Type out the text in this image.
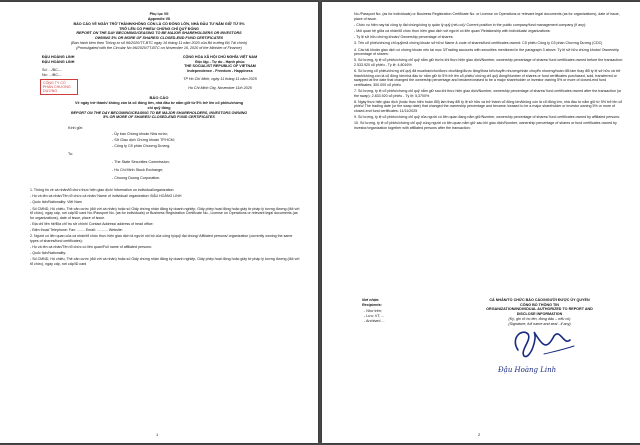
Phụ lục VII
Appendix VII
BÁO CÁO VỀ NGÀY TRỞ THÀNH/KHÔNG CÒN LÀ CỔ ĐÔNG LỚN, NHÀ ĐẦU TƯ NẮM GIỮ TỪ 5%
TRỞ LÊN CỔ PHIẾU/ CHỨNG CHỈ QUỸ ĐÓNG
REPORT ON THE DAY BECOMING/CEASING TO BE MAJOR SHAREHOLDERS OR INVESTORS
OWNING 5% OR MORE OF SHARES/ CLOSED-END FUND CERTIFICATES
(Ban hành kèm theo Thông tư số 96/2020/TT-BTC ngày 16 tháng 11 năm 2020 của Bộ trưởng Bộ Tài chính)
(Promulgated with the Circular No 96/2020/TT-BTC on November 16, 2020 of the Minister of Finance)
ĐẬU HOÀNG LINH
ĐẬU HOÀNG LINH
Số: .../BC-...
No: .../BC-...
CÔNG TY CỔ PHẦN CHƯƠNG DƯƠNG
CỘNG HÒA XÃ HỘI CHỦ NGHĨA VIỆT NAM
Độc lập - Tự do - Hạnh phúc
THE SOCIALIST REPUBLIC OF VIETNAM
Independence - Freedom - Happiness
TP Hồ Chí Minh, ngày 11 tháng 11 năm 2025
Ho Chi Minh City, November 11th 2025
BÁO CÁO
Về ngày trở thành/ không còn là cổ đông lớn, nhà đầu tư nắm giữ từ 5% trở lên cổ phiếu/chứng
chỉ quỹ đóng
REPORT ON THE DAY BECOMING/CEASING TO BE MAJOR SHAREHOLDERS, INVESTORS OWNING
5% OR MORE OF SHARES/ CLOSED-END FUND CERTIFICATES
Kính gửi:
- Ủy ban Chứng khoán Nhà nước;
- Sở Giao dịch Chứng khoán TP.HCM;
- Công ty Cổ phần Chương Dương.
To:
- The State Securities Commission;
- Ho Chi Minh Stock Exchange;
- Chuong Duong Corporation.

1. Thông tin về cá nhân/tổ chức thực hiện giao dịch/ Information on individual/organization:

- Họ và tên cá nhân/Tên tổ chức cá nhân/ Name of individual/ organization: ĐẬU HOÀNG LINH

- Quốc tịch/Nationality: Việt Nam

- Số CMND, Hộ chiếu, Thẻ căn cước (đối với cá nhân) hoặc số Giấy chứng nhận đăng ký doanh nghiệp, Giấy phép hoạt động hoặc giấy tờ pháp lý tương đương (đối với tổ chức), ngày cấp, nơi cấp/ID card No./Passport No. (as for individuals) or Business Registration Certificate No., License on Operations or relevant legal documents (as for organizations), date of issue, place of issue.

- Địa chỉ liên hệ/Địa chỉ trụ sở chính/ Contact Address/ address of head office:

- Điện thoại/ Telephone: Fax: ........ Email: ........... Website:

2. Người có liên quan của cá nhân/tổ chức thực hiện giao dịch là người nội bộ của công ty/quỹ đại chúng/ Affiliated persons/ organization (currently owning the same types of shares/fund certificates):

- Họ và tên cá nhân/Tên tổ chức có liên quan/Full name of affiliated persons:

- Quốc tịch/Nationality:

- Số CMND, Hộ chiếu, Thẻ căn cước (đối với cá nhân) hoặc số Giấy chứng nhận đăng ký doanh nghiệp, Giấy phép hoạt động hoặc giấy tờ pháp lý tương đương (đối với tổ chức), ngày cấp, nơi cấp/ID card

1

No./Passport No. (as for individuals) or Business Registration Certificate No. or License on Operations or relevant legal documents (as for organizations), date of issue, place of issue.

- Chức vụ hiện nay tại công ty đại chúng/công ty quản lý quỹ (nếu có)/ Current position in the public company/fund management company (if any):

- Mối quan hệ giữa cá nhân/tổ chức thực hiện giao dịch với người có liên quan/ Relationship with individuals/ organizations:

- Tỷ lệ sở hữu chứng khoán/ Ownership percentage of shares:

3. Tên cổ phiếu/chứng chỉ quỹ/mã chứng khoán sở hữu/ Name & code of shares/fund certificates owned: Cổ phiếu Công ty Cổ phần Chương Dương (CDC)

4. Các tài khoản giao dịch có chứng khoán nêu tại mục 3/Trading accounts with securities mentioned in the paragraph 3 above: Tỷ lệ sở hữu chứng khoán/ Ownership percentage of shares:

5. Số lượng, tỷ lệ cổ phiếu/chứng chỉ quỹ nắm giữ trước khi thực hiện giao dịch/Number, ownership percentage of shares/ fund certificates owned before the transaction: 2.533.920 cổ phiếu - Tỷ lệ: 4,8016%

6. Số lượng cổ phiếu/chứng chỉ quỹ đã mua/bán/cho/được cho/tặng/được tặng/thừa kế/chuyển nhượng/nhận chuyển nhượng/hoán đổi làm thay đổi tỷ lệ sở hữu và trở thành/không còn là cổ đông lớn/nhà đầu tư nắm giữ từ 5% trở lên cổ phiếu/ chứng chỉ quỹ đóng/Number of shares or fund certificates purchased, sold, transferred or swapped at the date that changed the ownership percentage and became/ceased to be a major shareholder or investor owning 5% or more of closed-end fund certificates: 300.000 cổ phiếu

7. Số lượng, tỷ lệ cổ phiếu/chứng chỉ quỹ nắm giữ sau khi thực hiện giao dịch/Number, ownership percentage of shares/ fund certificates owned after the transaction (or the swap): 2.833.920 cổ phiếu - Tỷ lệ: 5,3700%

8. Ngày thực hiện giao dịch (hoặc thực hiện hoán đổi) làm thay đổi tỷ lệ sở hữu và trở thành cổ đông lớn/không còn là cổ đông lớn, nhà đầu tư nắm giữ từ 5% trở lên cổ phiếu/ The trading date (or the swap date) that changed the ownership percentage and became /ceased to be a major shareholder or investor owning 5% or more of closed-end fund certificates: 11/11/2025

9. Số lượng, tỷ lệ cổ phiếu/chứng chỉ quỹ của người có liên quan đang nắm giữ/Number, ownership percentage of shares/ fund certificates owned by affiliated persons:

10. Số lượng, tỷ lệ cổ phiếu/chứng chỉ quỹ cùng người có liên quan nắm giữ sau khi giao dịch/Number, ownership percentage of shares or fund certificates owned by investor/organization together with affiliated persons after the transaction:

Nơi nhận:
Recipients:
- Như trên;
- Lưu: VT, ...
- Archived ...
CÁ NHÂN/TỔ CHỨC BÁO CÁO/NGƯỜI ĐƯỢC ỦY QUYỀN
CÔNG BỐ THÔNG TIN
ORGANIZATION/INDIVIDUAL AUTHORIZED TO REPORT AND
DISCLOSE INFORMATION
(Ký, ghi rõ họ tên, đóng dấu – nếu có)
(Signature, full name and seal - if any)
Đậu Hoàng Linh
2
